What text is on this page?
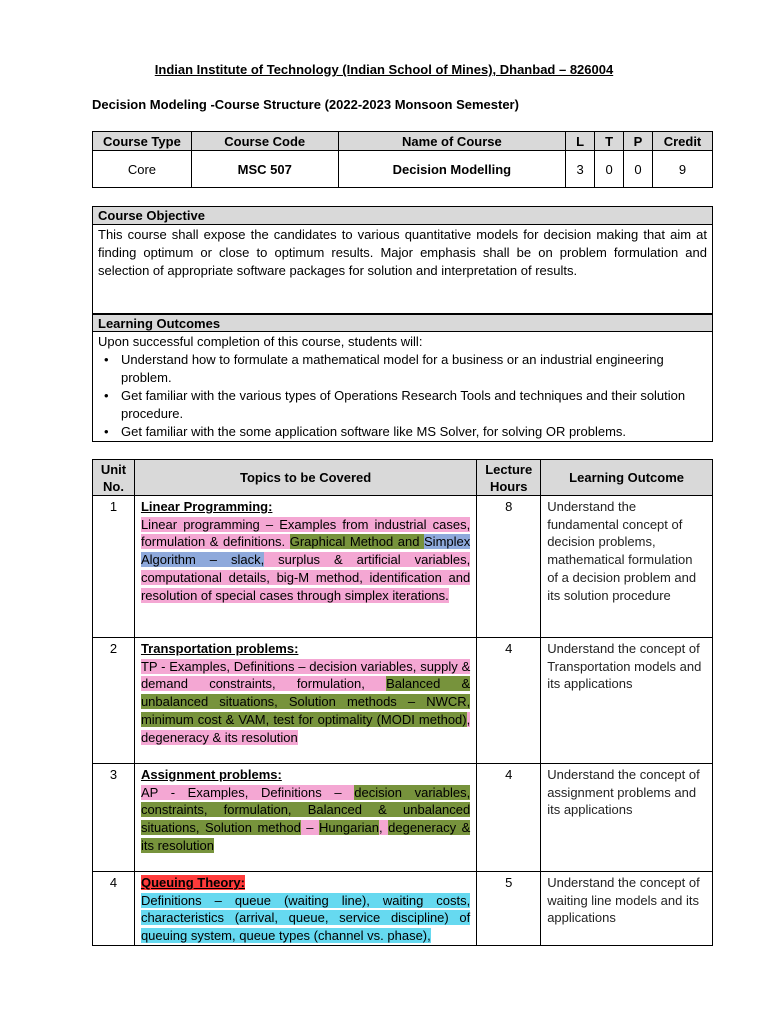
Indian Institute of Technology (Indian School of Mines), Dhanbad – 826004
Decision Modeling -Course Structure (2022-2023 Monsoon Semester)
Course Type	Course Code	Name of Course	L	T	P	Credit
Core	MSC 507	Decision Modelling	3	0	0	9
Course Objective
This course shall expose the candidates to various quantitative models for decision making that aim at finding optimum or close to optimum results. Major emphasis shall be on problem formulation and selection of appropriate software packages for solution and interpretation of results.
Learning Outcomes
Upon successful completion of this course, students will:
• Understand how to formulate a mathematical model for a business or an industrial engineering problem.
• Get familiar with the various types of Operations Research Tools and techniques and their solution procedure.
• Get familiar with the some application software like MS Solver, for solving OR problems.
Unit No.	Topics to be Covered	Lecture Hours	Learning Outcome
1	Linear Programming:
Linear programming – Examples from industrial cases, formulation & definitions. Graphical Method and Simplex Algorithm – slack, surplus & artificial variables, computational details, big-M method, identification and resolution of special cases through simplex iterations.	8	Understand the fundamental concept of decision problems, mathematical formulation of a decision problem and its solution procedure
2	Transportation problems:
TP - Examples, Definitions – decision variables, supply & demand constraints, formulation, Balanced & unbalanced situations, Solution methods – NWCR, minimum cost & VAM, test for optimality (MODI method), degeneracy & its resolution	4	Understand the concept of Transportation models and its applications
3	Assignment problems:
AP - Examples, Definitions – decision variables, constraints, formulation, Balanced & unbalanced situations, Solution method – Hungarian, degeneracy & its resolution	4	Understand the concept of assignment problems and its applications
4	Queuing Theory:
Definitions – queue (waiting line), waiting costs, characteristics (arrival, queue, service discipline) of queuing system, queue types (channel vs. phase),	5	Understand the concept of waiting line models and its applications
